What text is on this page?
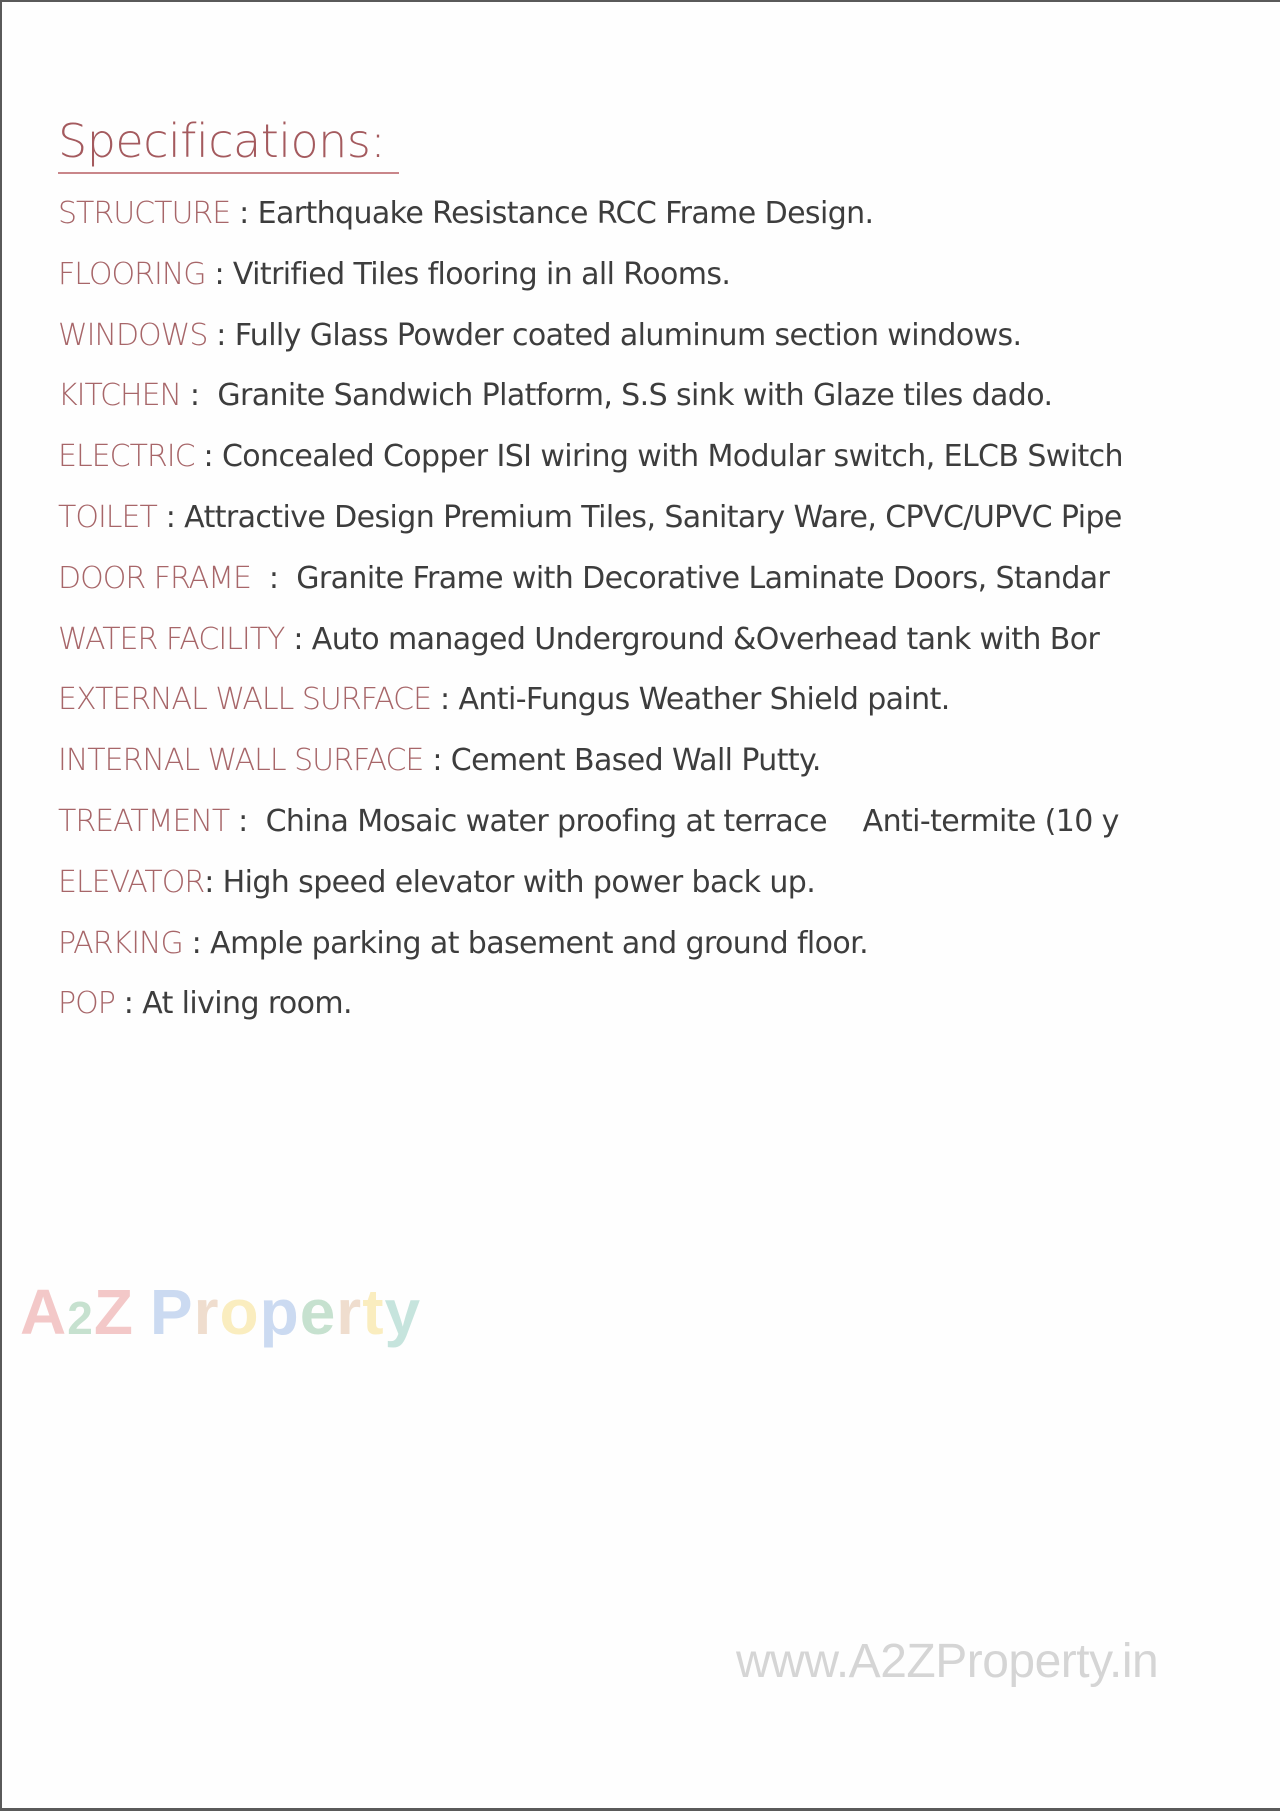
Specifications:
STRUCTURE : Earthquake Resistance RCC Frame Design.
FLOORING : Vitrified Tiles flooring in all Rooms.
WINDOWS : Fully Glass Powder coated aluminum section windows.
KITCHEN :  Granite Sandwich Platform, S.S sink with Glaze tiles dado.
ELECTRIC : Concealed Copper ISI wiring with Modular switch, ELCB Switch
TOILET : Attractive Design Premium Tiles, Sanitary Ware, CPVC/UPVC Pipe
DOOR FRAME  :  Granite Frame with Decorative Laminate Doors, Standar
WATER FACILITY : Auto managed Underground &Overhead tank with Bor
EXTERNAL WALL SURFACE : Anti-Fungus Weather Shield paint.
INTERNAL WALL SURFACE : Cement Based Wall Putty.
TREATMENT :  China Mosaic water proofing at terrace    Anti-termite (10 y
ELEVATOR: High speed elevator with power back up.
PARKING : Ample parking at basement and ground floor.
POP : At living room.
A2Z Property
www.A2ZProperty.in
